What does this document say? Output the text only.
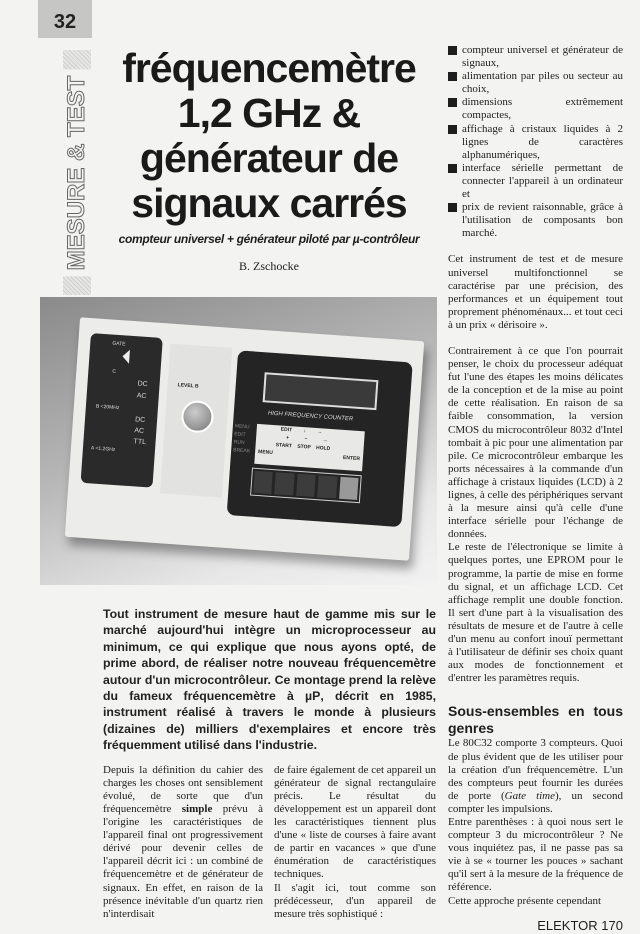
32
MESURE & TEST
fréquencemètre
1,2 GHz &
générateur de
signaux carrés
compteur universel + générateur piloté par µ-contrôleur
B. Zschocke
GATE
C
B <20MHz
A <1.2GHz
DC
AC
DC
AC
TTL
LEVEL B
HIGH FREQUENCY COUNTER
MENU
EDIT
RUN
BREAK
EDIT ↓ →
+	−	→
START STOP HOLD
MENU
ENTER
Tout instrument de mesure haut de gamme mis sur le marché aujourd'hui intègre un microprocesseur au minimum, ce qui explique que nous ayons opté, de prime abord, de réaliser notre nouveau fréquencemètre autour d'un microcontrôleur. Ce montage prend la relève du fameux fréquencemètre à µP, décrit en 1985, instrument réalisé à travers le monde à plusieurs (dizaines de) milliers d'exemplaires et encore très fréquemment utilisé dans l'industrie.
Depuis la définition du cahier des charges les choses ont sensiblement évolué, de sorte que d'un fréquencemètre simple prévu à l'origine les caractéristiques de l'appareil final ont progressivement dérivé pour devenir celles de l'appareil décrit ici : un combiné de fréquencemètre et de générateur de signaux. En effet, en raison de la présence inévitable d'un quartz rien n'interdisait

de faire également de cet appareil un générateur de signal rectangulaire précis. Le résultat du développement est un appareil dont les caractéristiques tiennent plus d'une « liste de courses à faire avant de partir en vacances » que d'une énumération de caractéristiques techniques.

Il s'agit ici, tout comme son prédécesseur, d'un appareil de mesure très sophistiqué :

compteur universel et générateur de signaux,
alimentation par piles ou secteur au choix,
dimensions extrêmement compactes,
affichage à cristaux liquides à 2 lignes de caractères alphanumériques,
interface sérielle permettant de connecter l'appareil à un ordinateur et
prix de revient raisonnable, grâce à l'utilisation de composants bon marché.

Cet instrument de test et de mesure universel multifonctionnel se caractérise par une précision, des performances et un équipement tout proprement phénoménaux... et tout ceci à un prix « dérisoire ».

Contrairement à ce que l'on pourrait penser, le choix du processeur adéquat fut l'une des étapes les moins délicates de la conception et de la mise au point de cette réalisation. En raison de sa faible consommation, la version CMOS du microcontrôleur 8032 d'Intel tombait à pic pour une alimentation par pile. Ce microcontrôleur embarque les ports nécessaires à la commande d'un affichage à cristaux liquides (LCD) à 2 lignes, à celle des périphériques servant à la mesure ainsi qu'à celle d'une interface sérielle pour l'échange de données.

Le reste de l'électronique se limite à quelques portes, une EPROM pour le programme, la partie de mise en forme du signal, et un affichage LCD. Cet affichage remplit une double fonction. Il sert d'une part à la visualisation des résultats de mesure et de l'autre à celle d'un menu au confort inouï permettant à l'utilisateur de définir ses choix quant aux modes de fonctionnement et d'entrer les paramètres requis.

Sous-ensembles en tous genres

Le 80C32 comporte 3 compteurs. Quoi de plus évident que de les utiliser pour la création d'un fréquencemètre. L'un des compteurs peut fournir les durées de porte (Gate time), un second compter les impulsions.

Entre parenthèses : à quoi nous sert le compteur 3 du microcontrôleur ? Ne vous inquiétez pas, il ne passe pas sa vie à se « tourner les pouces » sachant qu'il sert à la mesure de la fréquence de référence.

Cette approche présente cependant

ELEKTOR 170
